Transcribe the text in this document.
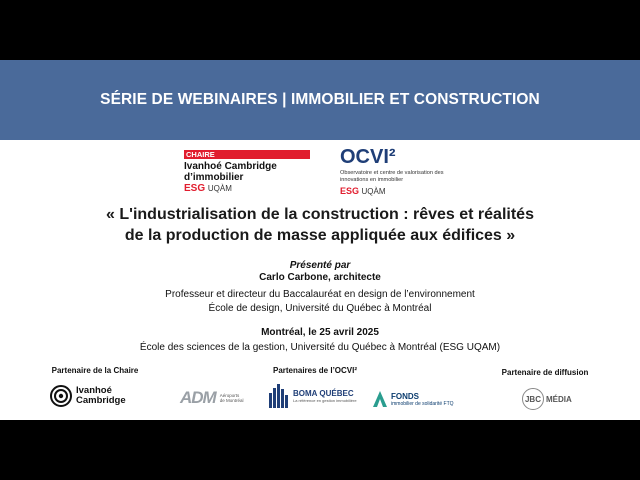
SÉRIE DE WEBINAIRES | IMMOBILIER ET CONSTRUCTION
CHAIRE
Ivanhoé Cambridge
d’immobilier
ESG UQÀM
OCVI²
Observatoire et centre de valorisation des innovations en immobilier
ESG UQÀM
« L'industrialisation de la construction : rêves et réalités
de la production de masse appliquée aux édifices »
Présenté par
Carlo Carbone, architecte
Professeur et directeur du Baccalauréat en design de l’environnement
École de design, Université du Québec à Montréal
Montréal, le 25 avril 2025
École des sciences de la gestion, Université du Québec à Montréal (ESG UQAM)
Partenaire de la Chaire	Partenaires de l’OCVI²	Partenaire de diffusion
Ivanhoé
Cambridge	ADM Aéroports
de Montréal
BOMA QUÉBEC
La référence en gestion immobilière	FONDS
immobilier de solidarité FTQ	JBC MÉDIA
